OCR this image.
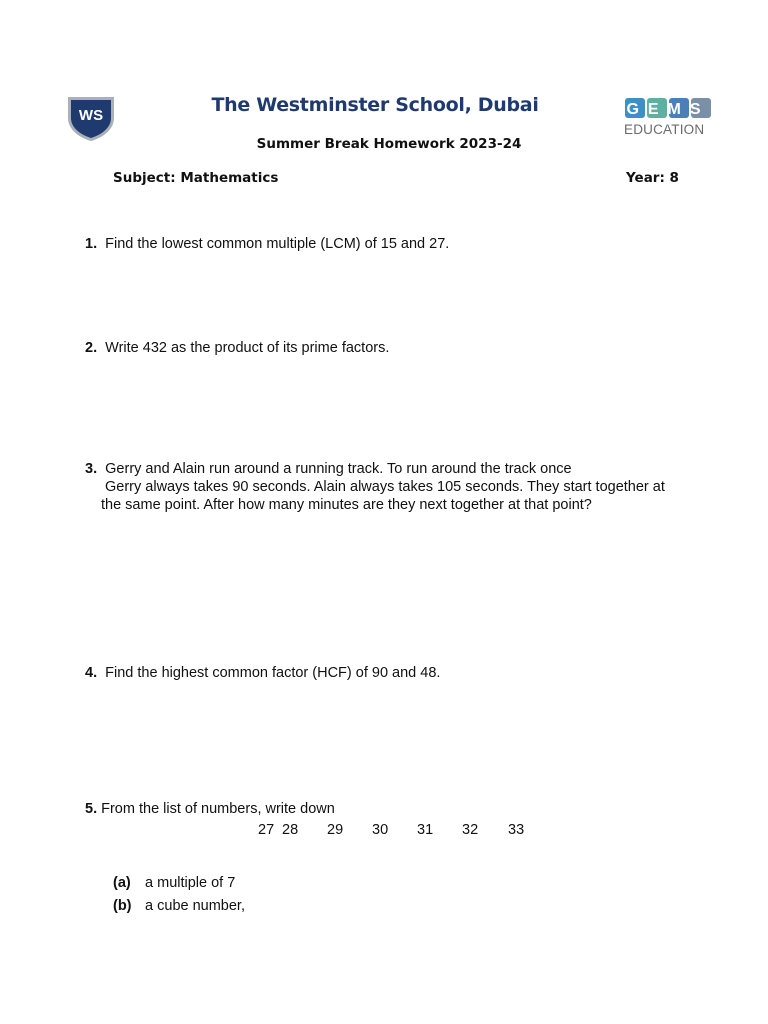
WS	The Westminster School, Dubai	GEMS
EDUCATION
Summer Break Homework 2023-24
Subject: Mathematics	Year: 8
1. Find the lowest common multiple (LCM) of 15 and 27.
2. Write 432 as the product of its prime factors.
3. Gerry and Alain run around a running track. To run around the track once
Gerry always takes 90 seconds. Alain always takes 105 seconds. They start together at
the same point. After how many minutes are they next together at that point?
4. Find the highest common factor (HCF) of 90 and 48.
5. From the list of numbers, write down
27 28 29 30 31 32 33
(a) a multiple of 7
(b) a cube number,
